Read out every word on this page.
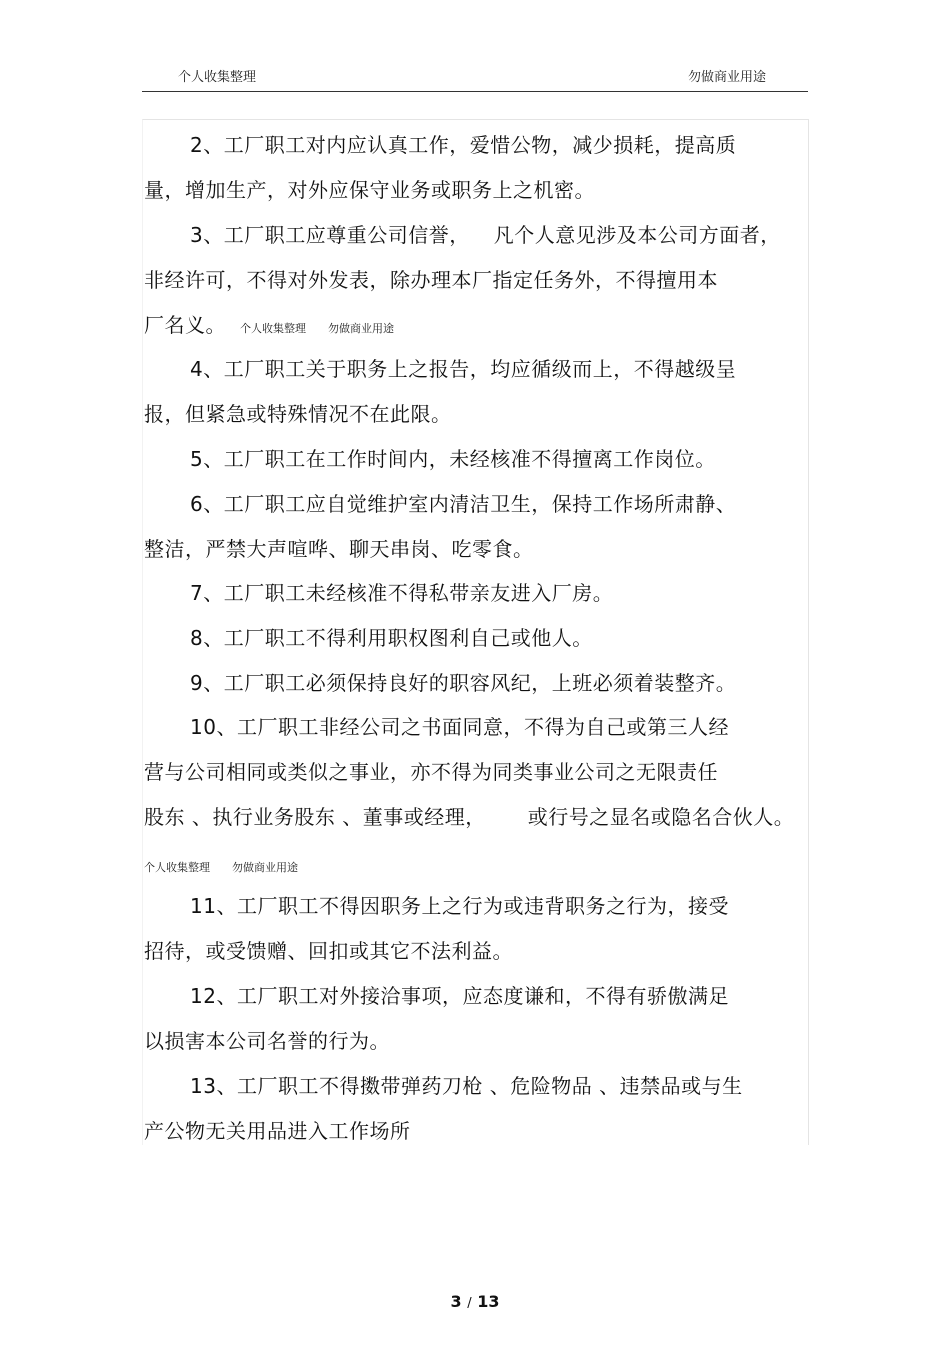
个人收集整理	勿做商业用途
2、工厂职工对内应认真工作，爱惜公物，减少损耗，提高质
量，增加生产，对外应保守业务或职务上之机密。
3、工厂职工应尊重公司信誉， 凡个人意见涉及本公司方面者，
非经许可，不得对外发表，除办理本厂指定任务外，不得擅用本
厂名义。 个人收集整理 勿做商业用途
4、工厂职工关于职务上之报告，均应循级而上，不得越级呈
报，但紧急或特殊情况不在此限。
5、工厂职工在工作时间内，未经核准不得擅离工作岗位。
6、工厂职工应自觉维护室内清洁卫生，保持工作场所肃静、
整洁，严禁大声喧哗、聊天串岗、吃零食。
7、工厂职工未经核准不得私带亲友进入厂房。
8、工厂职工不得利用职权图利自己或他人。
9、工厂职工必须保持良好的职容风纪，上班必须着装整齐。
10、工厂职工非经公司之书面同意，不得为自己或第三人经
营与公司相同或类似之事业，亦不得为同类事业公司之无限责任
股东 、执行业务股东 、董事或经理， 或行号之显名或隐名合伙人。
个人收集整理 勿做商业用途
11、工厂职工不得因职务上之行为或违背职务之行为，接受
招待，或受馈赠、回扣或其它不法利益。
12、工厂职工对外接洽事项，应态度谦和，不得有骄傲满足
以损害本公司名誉的行为。
13、工厂职工不得擞带弹药刀枪 、危险物品 、违禁品或与生
产公物无关用品进入工作场所
3 / 13
